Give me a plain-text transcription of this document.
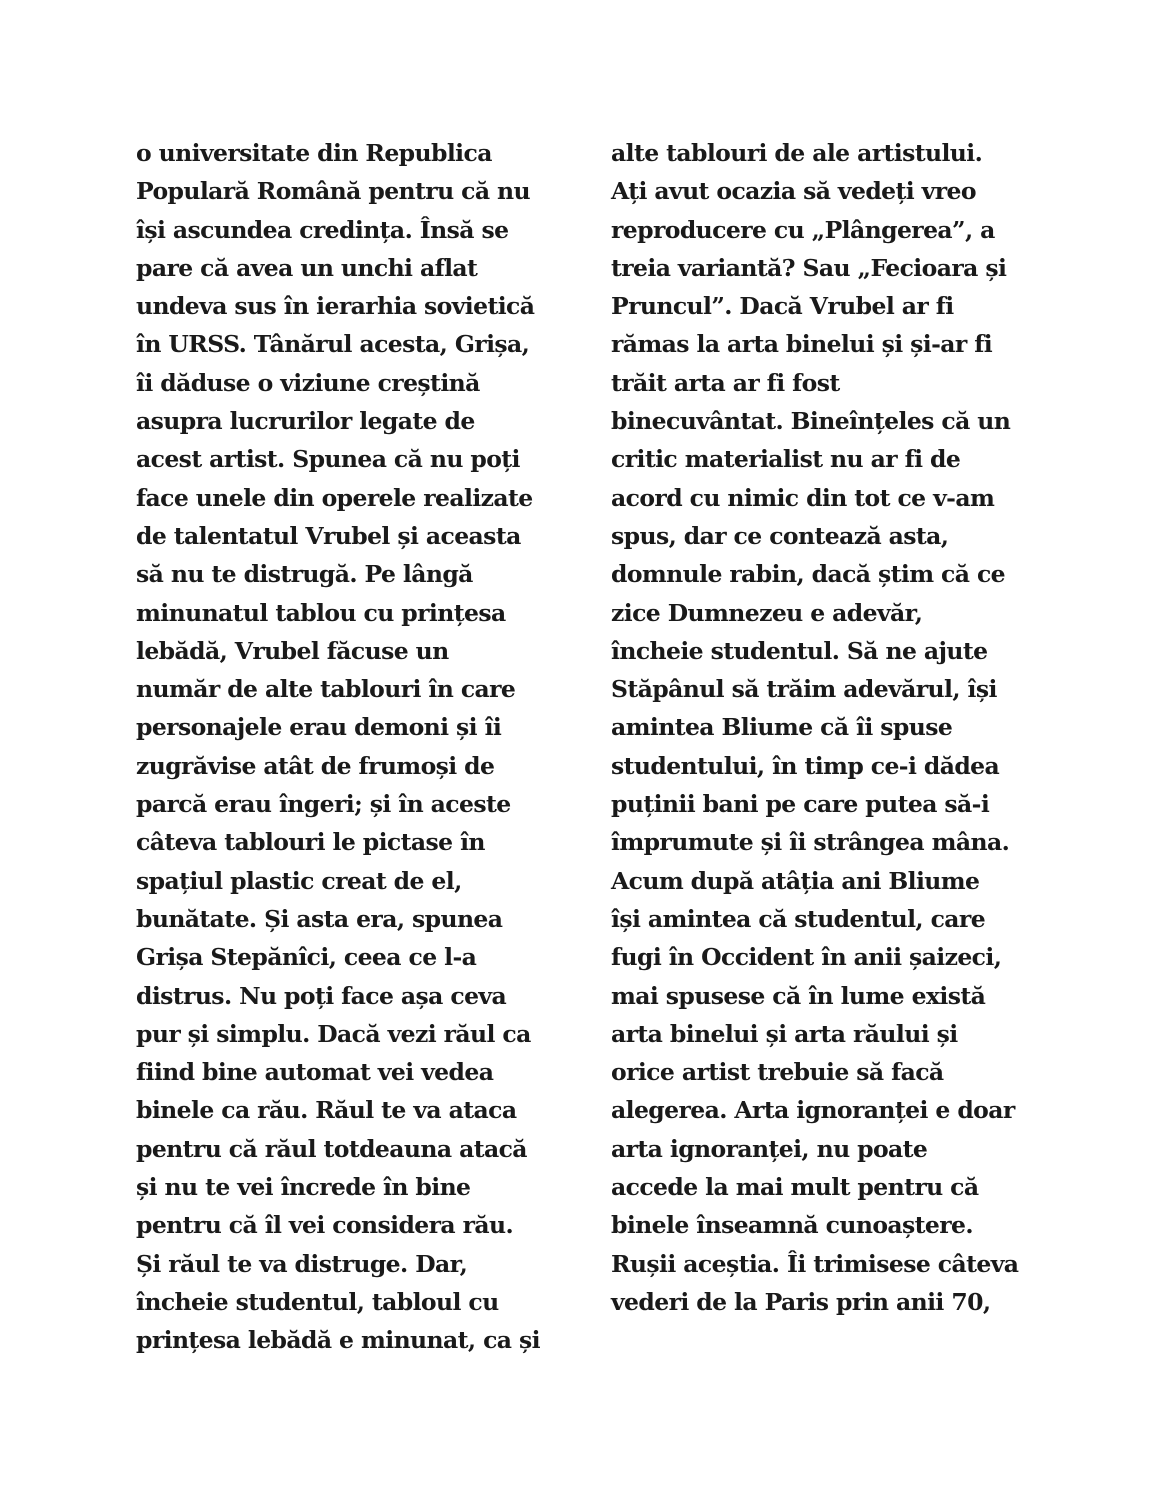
o universitate din Republica
Populară Română pentru că nu
își ascundea credința. Însă se
pare că avea un unchi aflat
undeva sus în ierarhia sovietică
în URSS. Tânărul acesta, Grișa,
îi dăduse o viziune creștină
asupra lucrurilor legate de
acest artist. Spunea că nu poți
face unele din operele realizate
de talentatul Vrubel și aceasta
să nu te distrugă. Pe lângă
minunatul tablou cu prințesa
lebădă, Vrubel făcuse un
număr de alte tablouri în care
personajele erau demoni și îi
zugrăvise atât de frumoși de
parcă erau îngeri; și în aceste
câteva tablouri le pictase în
spațiul plastic creat de el,
bunătate. Și asta era, spunea
Grișa Stepănîci, ceea ce l-a
distrus. Nu poți face așa ceva
pur și simplu. Dacă vezi răul ca
fiind bine automat vei vedea
binele ca rău. Răul te va ataca
pentru că răul totdeauna atacă
și nu te vei încrede în bine
pentru că îl vei considera rău.
Și răul te va distruge. Dar,
încheie studentul, tabloul cu
prințesa lebădă e minunat, ca și
alte tablouri de ale artistului.
Ați avut ocazia să vedeți vreo
reproducere cu „Plângerea”, a
treia variantă? Sau „Fecioara și
Pruncul”. Dacă Vrubel ar fi
rămas la arta binelui și și-ar fi
trăit arta ar fi fost
binecuvântat. Bineînțeles că un
critic materialist nu ar fi de
acord cu nimic din tot ce v-am
spus, dar ce contează asta,
domnule rabin, dacă știm că ce
zice Dumnezeu e adevăr,
încheie studentul. Să ne ajute
Stăpânul să trăim adevărul, își
amintea Bliume că îi spuse
studentului, în timp ce-i dădea
puținii bani pe care putea să-i
împrumute și îi strângea mâna.
Acum după atâția ani Bliume
își amintea că studentul, care
fugi în Occident în anii șaizeci,
mai spusese că în lume există
arta binelui și arta răului și
orice artist trebuie să facă
alegerea. Arta ignoranței e doar
arta ignoranței, nu poate
accede la mai mult pentru că
binele înseamnă cunoaștere.
Rușii aceștia. Îi trimisese câteva
vederi de la Paris prin anii 70,
